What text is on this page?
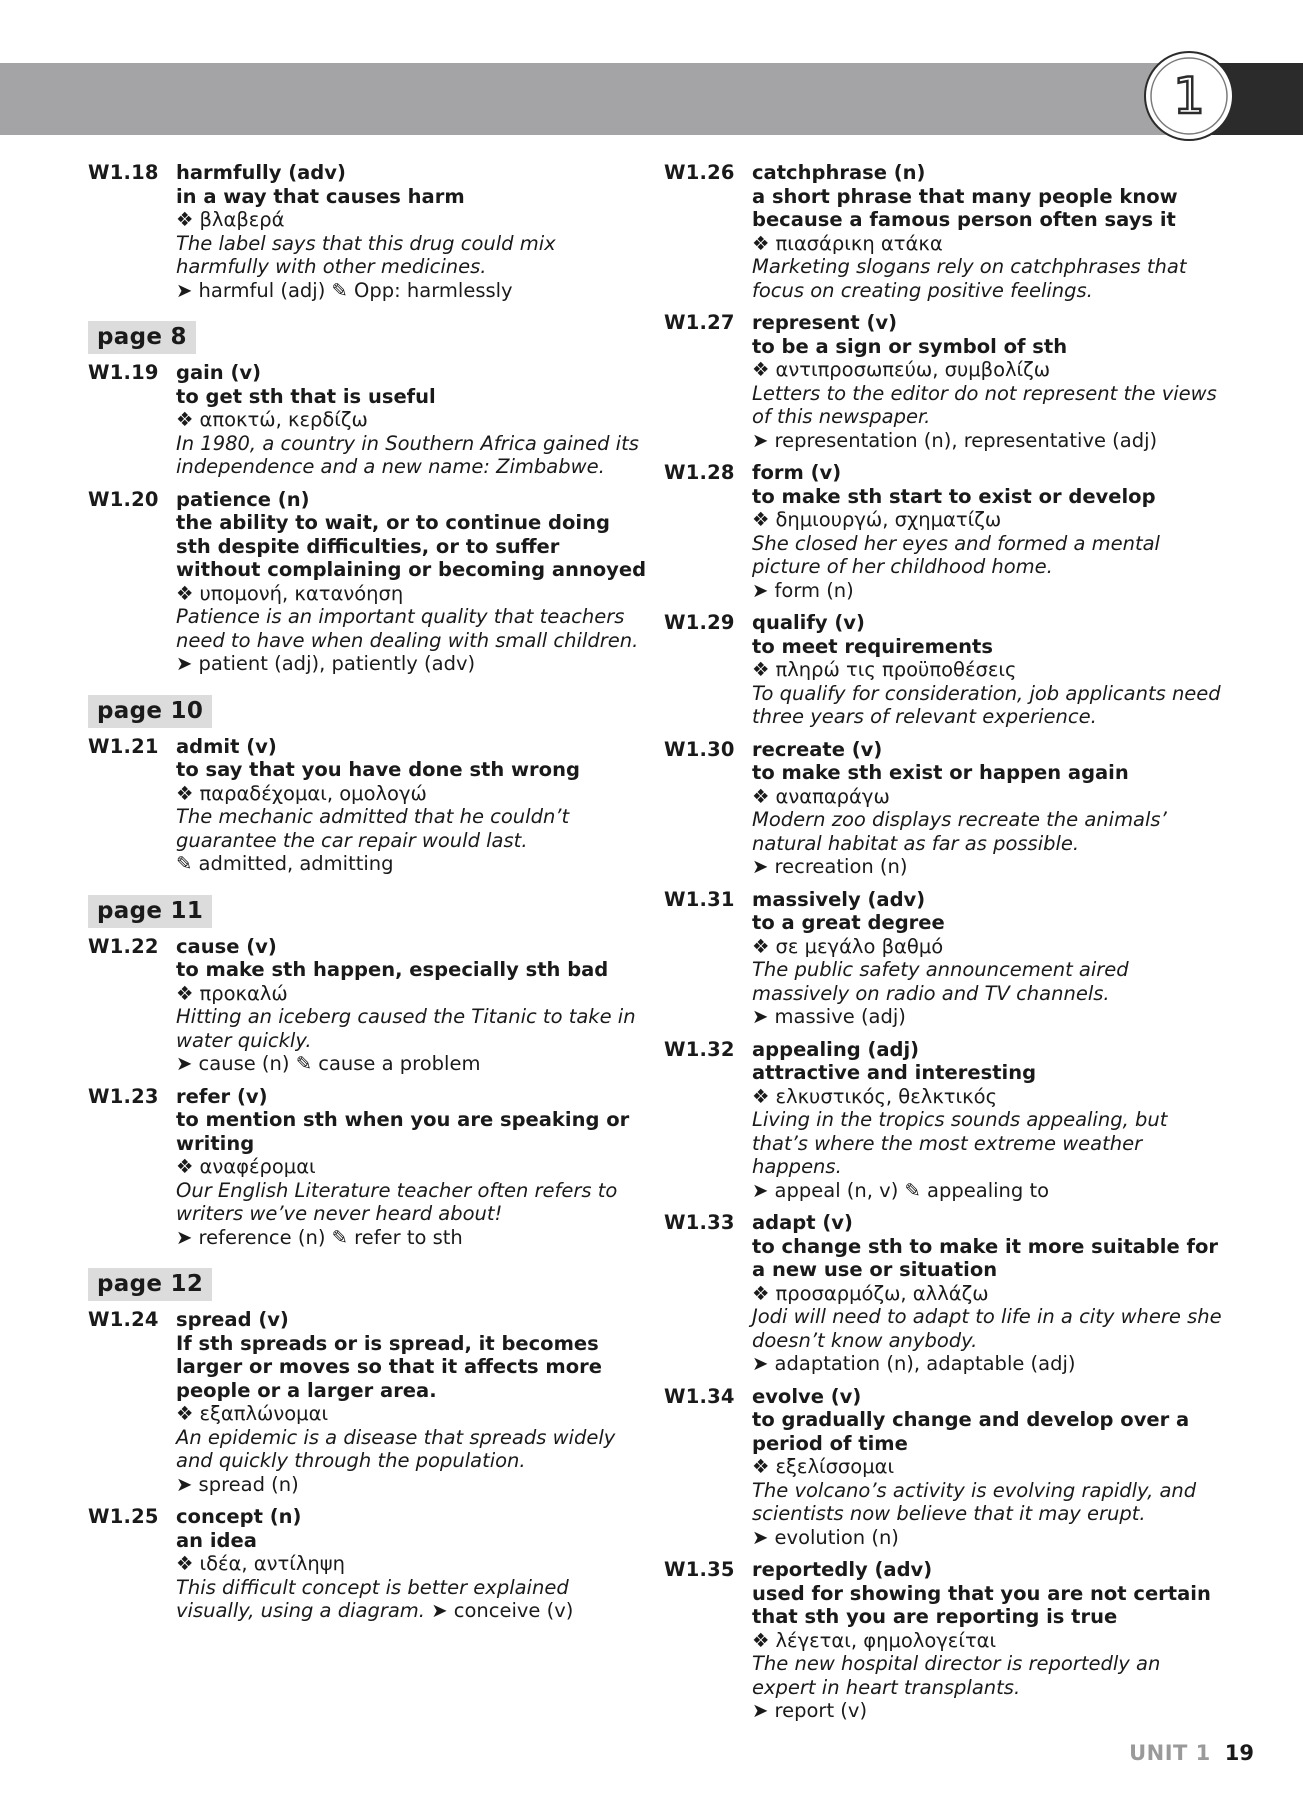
1
W1.18 harmfully (adv)
in a way that causes harm
❖ βλαβερά
The label says that this drug could mix harmfully with other medicines.
➤ harmful (adj) ✎ Opp: harmlessly
page 8
W1.19 gain (v)
to get sth that is useful
❖ αποκτώ, κερδίζω
In 1980, a country in Southern Africa gained its independence and a new name: Zimbabwe.
W1.20 patience (n)
the ability to wait, or to continue doing sth despite difficulties, or to suffer without complaining or becoming annoyed
❖ υπομονή, κατανόηση
Patience is an important quality that teachers need to have when dealing with small children.
➤ patient (adj), patiently (adv)
page 10
W1.21 admit (v)
to say that you have done sth wrong
❖ παραδέχομαι, ομολογώ
The mechanic admitted that he couldn’t guarantee the car repair would last.
✎ admitted, admitting
page 11
W1.22 cause (v)
to make sth happen, especially sth bad
❖ προκαλώ
Hitting an iceberg caused the Titanic to take in water quickly.
➤ cause (n) ✎ cause a problem
W1.23 refer (v)
to mention sth when you are speaking or writing
❖ αναφέρομαι
Our English Literature teacher often refers to writers we’ve never heard about!
➤ reference (n) ✎ refer to sth
page 12
W1.24 spread (v)
If sth spreads or is spread, it becomes larger or moves so that it affects more people or a larger area.
❖ εξαπλώνομαι
An epidemic is a disease that spreads widely and quickly through the population.
➤ spread (n)
W1.25 concept (n)
an idea
❖ ιδέα, αντίληψη
This difficult concept is better explained visually, using a diagram. ➤ conceive (v)
W1.26 catchphrase (n)
a short phrase that many people know because a famous person often says it
❖ πιασάρικη ατάκα
Marketing slogans rely on catchphrases that focus on creating positive feelings.
W1.27 represent (v)
to be a sign or symbol of sth
❖ αντιπροσωπεύω, συμβολίζω
Letters to the editor do not represent the views of this newspaper.
➤ representation (n), representative (adj)
W1.28 form (v)
to make sth start to exist or develop
❖ δημιουργώ, σχηματίζω
She closed her eyes and formed a mental picture of her childhood home.
➤ form (n)
W1.29 qualify (v)
to meet requirements
❖ πληρώ τις προϋποθέσεις
To qualify for consideration, job applicants need three years of relevant experience.
W1.30 recreate (v)
to make sth exist or happen again
❖ αναπαράγω
Modern zoo displays recreate the animals’ natural habitat as far as possible.
➤ recreation (n)
W1.31 massively (adv)
to a great degree
❖ σε μεγάλο βαθμό
The public safety announcement aired massively on radio and TV channels.
➤ massive (adj)
W1.32 appealing (adj)
attractive and interesting
❖ ελκυστικός, θελκτικός
Living in the tropics sounds appealing, but that’s where the most extreme weather happens.
➤ appeal (n, v) ✎ appealing to
W1.33 adapt (v)
to change sth to make it more suitable for a new use or situation
❖ προσαρμόζω, αλλάζω
Jodi will need to adapt to life in a city where she doesn’t know anybody.
➤ adaptation (n), adaptable (adj)
W1.34 evolve (v)
to gradually change and develop over a period of time
❖ εξελίσσομαι
The volcano’s activity is evolving rapidly, and scientists now believe that it may erupt.
➤ evolution (n)
W1.35 reportedly (adv)
used for showing that you are not certain that sth you are reporting is true
❖ λέγεται, φημολογείται
The new hospital director is reportedly an expert in heart transplants.
➤ report (v)
UNIT 1 19
